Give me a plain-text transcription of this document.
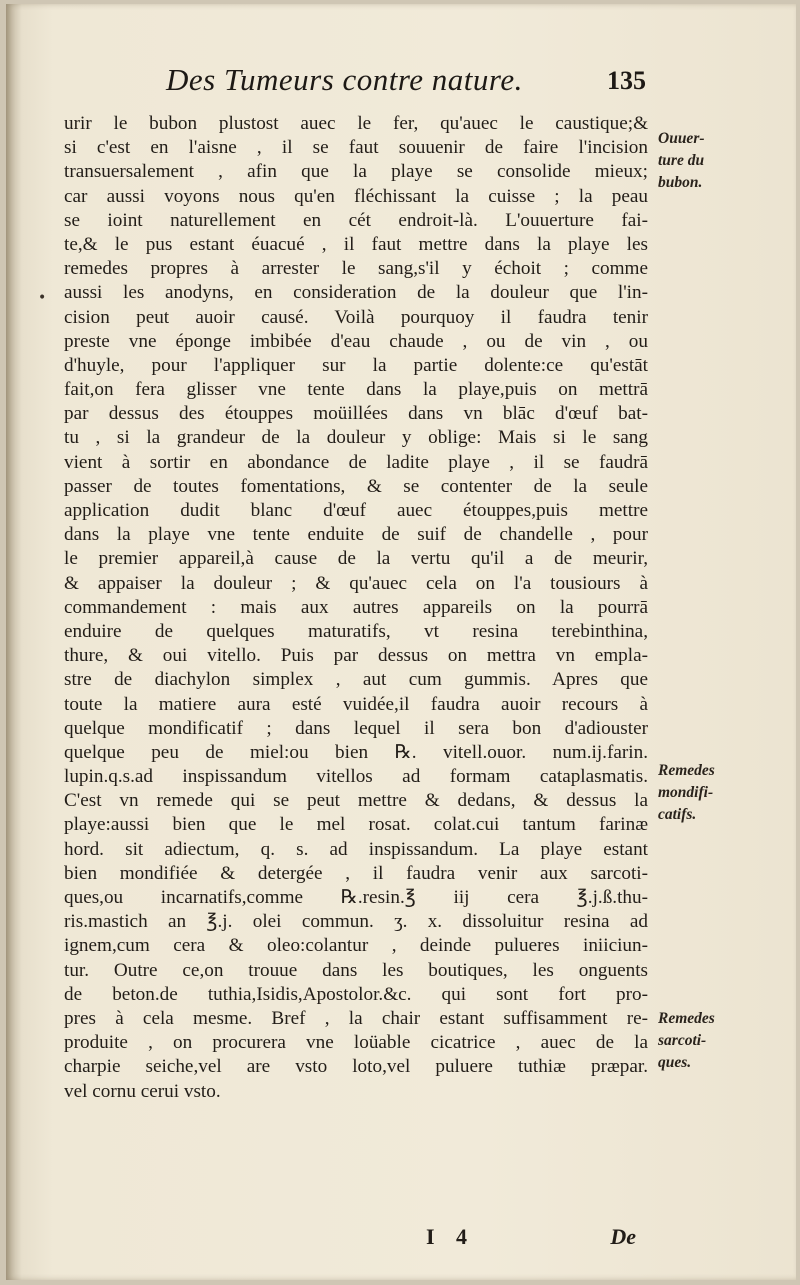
Des Tumeurs contre nature.	135
•
urir le bubon plustost auec le fer, qu'auec le caustique;&
si c'est en l'aisne , il se faut souuenir de faire l'incision
transuersalement , afin que la playe se consolide mieux;
car aussi voyons nous qu'en fléchissant la cuisse ; la peau
se ioint naturellement en cét endroit-là. L'ouuerture fai-
te,& le pus estant éuacué , il faut mettre dans la playe les
remedes propres à arrester le sang,s'il y échoit ; comme
aussi les anodyns, en consideration de la douleur que l'in-
cision peut auoir causé. Voilà pourquoy il faudra tenir
preste vne éponge imbibée d'eau chaude , ou de vin , ou
d'huyle, pour l'appliquer sur la partie dolente:ce qu'estāt
fait,on fera glisser vne tente dans la playe,puis on mettrā
par dessus des étouppes moüillées dans vn blāc d'œuf bat-
tu , si la grandeur de la douleur y oblige: Mais si le sang
vient à sortir en abondance de ladite playe , il se faudrā
passer de toutes fomentations, & se contenter de la seule
application dudit blanc d'œuf auec étouppes,puis mettre
dans la playe vne tente enduite de suif de chandelle , pour
le premier appareil,à cause de la vertu qu'il a de meurir,
& appaiser la douleur ; & qu'auec cela on l'a tousiours à
commandement : mais aux autres appareils on la pourrā
enduire de quelques maturatifs, vt resina terebinthina,
thure, & oui vitello. Puis par dessus on mettra vn empla-
stre de diachylon simplex , aut cum gummis. Apres que
toute la matiere aura esté vuidée,il faudra auoir recours à
quelque mondificatif ; dans lequel il sera bon d'adiouster
quelque peu de miel:ou bien ℞. vitell.ouor. num.ij.farin.
lupin.q.s.ad inspissandum vitellos ad formam cataplasmatis.
C'est vn remede qui se peut mettre & dedans, & dessus la
playe:aussi bien que le mel rosat. colat.cui tantum farinæ
hord. sit adiectum, q. s. ad inspissandum. La playe estant
bien mondifiée & detergée , il faudra venir aux sarcoti-
ques,ou incarnatifs,comme ℞.resin.℥ iij cera ℥.j.ß.thu-
ris.mastich an ℥.j. olei commun. ʒ. x. dissoluitur resina ad
ignem,cum cera & oleo:colantur , deinde pulueres iniiciun-
tur. Outre ce,on trouue dans les boutiques, les onguents
de beton.de tuthia,Isidis,Apostolor.&c. qui sont fort pro-
pres à cela mesme. Bref , la chair estant suffisamment re-
produite , on procurera vne loüable cicatrice , auec de la
charpie seiche,vel are vsto loto,vel puluere tuthiæ præpar.
vel cornu cerui vsto.
Ouuer-
ture du
bubon.
Remedes
mondifi-
catifs.
Remedes
sarcoti-
ques.
I 4	De
